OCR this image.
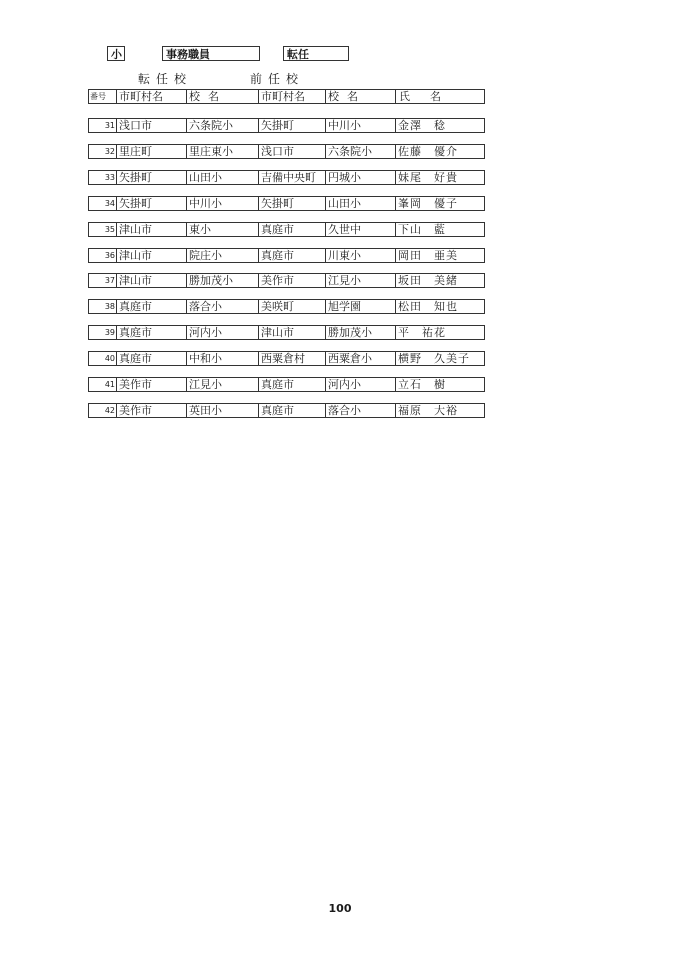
小	事務職員	転任
転任校	前任校
番号	市町村名	校名	市町村名	校名	氏名
31 浅口市	六条院小	矢掛町	中川小	金澤　稔
32 里庄町	里庄東小	浅口市	六条院小	佐藤　優介
33 矢掛町	山田小	吉備中央町	円城小	妹尾　好貴
34 矢掛町	中川小	矢掛町	山田小	峯岡　優子
35 津山市	東小	真庭市	久世中	下山　藍
36 津山市	院庄小	真庭市	川東小	岡田　亜美
37 津山市	勝加茂小	美作市	江見小	坂田　美緒
38 真庭市	落合小	美咲町	旭学園	松田　知也
39 真庭市	河内小	津山市	勝加茂小	平　祐花
40 真庭市	中和小	西粟倉村	西粟倉小	横野　久美子
41 美作市	江見小	真庭市	河内小	立石　樹
42 美作市	英田小	真庭市	落合小	福原　大裕
100
